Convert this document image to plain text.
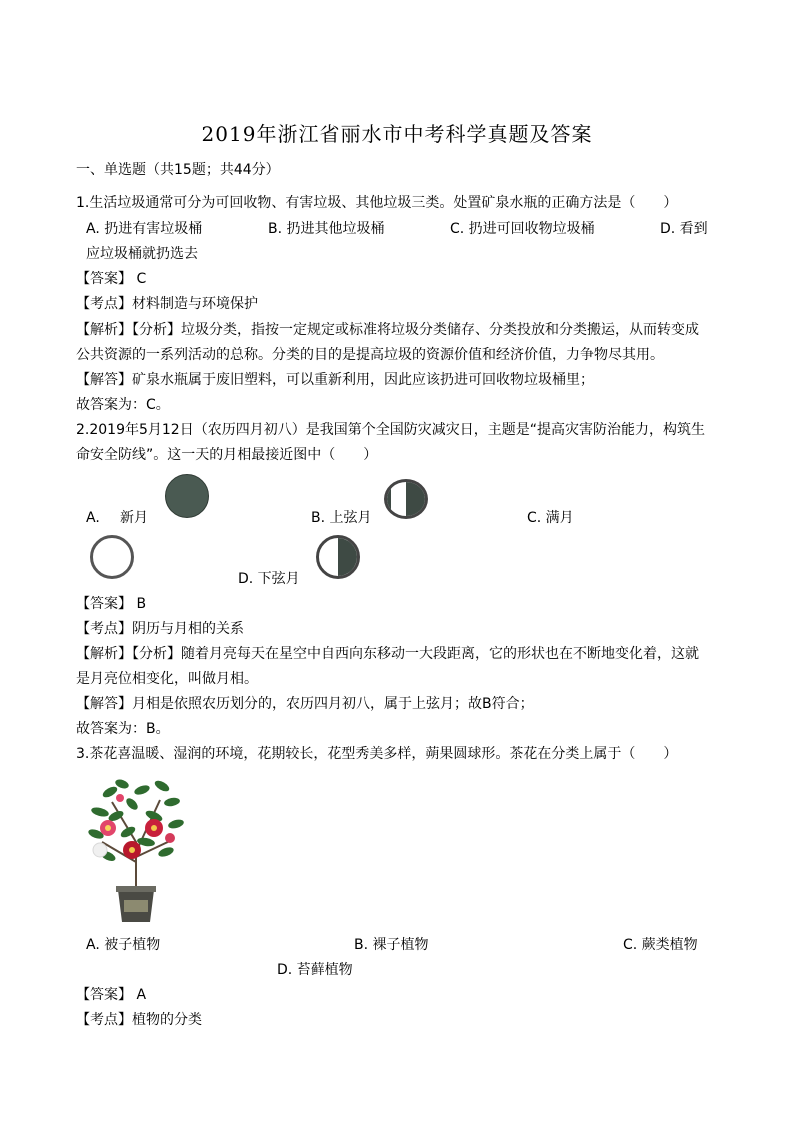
2019年浙江省丽水市中考科学真题及答案
一、单选题（共15题；共44分）
1.生活垃圾通常可分为可回收物、有害垃圾、其他垃圾三类。处置矿泉水瓶的正确方法是（　　）
A. 扔进有害垃圾桶	B. 扔进其他垃圾桶	C. 扔进可回收物垃圾桶	D. 看到
应垃圾桶就扔选去
【答案】 C
【考点】材料制造与环境保护
【解析】【分析】垃圾分类，指按一定规定或标准将垃圾分类储存、分类投放和分类搬运，从而转变成
公共资源的一系列活动的总称。分类的目的是提高垃圾的资源价值和经济价值，力争物尽其用。
【解答】矿泉水瓶属于废旧塑料，可以重新利用，因此应该扔进可回收物垃圾桶里；
故答案为：C。
2.2019年5月12日（农历四月初八）是我国第个全国防灾减灾日，主题是“提高灾害防治能力，构筑生
命安全防线”。这一天的月相最接近图中（　　）
A. 新月	B. 上弦月	C. 满月
D. 下弦月
【答案】 B
【考点】阴历与月相的关系
【解析】【分析】随着月亮每天在星空中自西向东移动一大段距离，它的形状也在不断地变化着，这就
是月亮位相变化，叫做月相。
【解答】月相是依照农历划分的，农历四月初八，属于上弦月；故B符合；
故答案为：B。
3.茶花喜温暖、湿润的环境，花期较长，花型秀美多样，蒴果圆球形。茶花在分类上属于（　　）
A. 被子植物	B. 裸子植物	C. 蕨类植物
D. 苔藓植物
【答案】 A
【考点】植物的分类
